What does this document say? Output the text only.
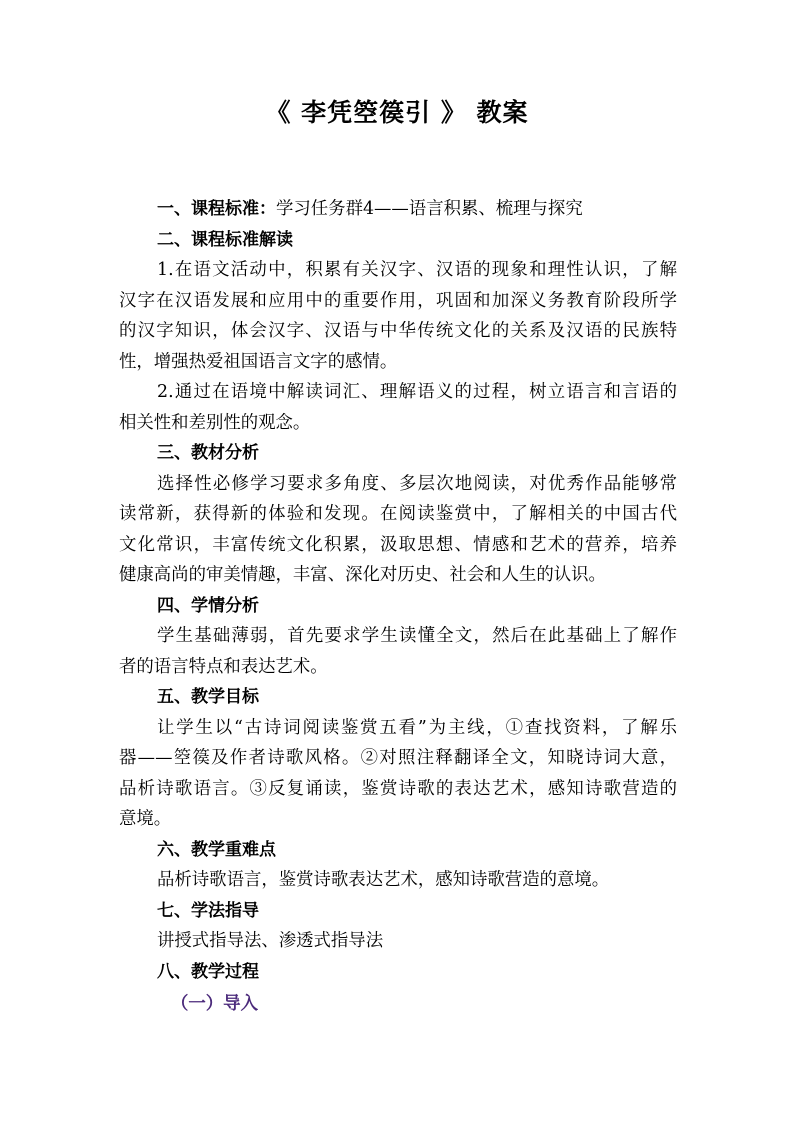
《 李凭箜篌引 》 教案
一、课程标准：学习任务群4——语言积累、梳理与探究
二、课程标准解读
1.在语文活动中，积累有关汉字、汉语的现象和理性认识，了解
汉字在汉语发展和应用中的重要作用，巩固和加深义务教育阶段所学
的汉字知识，体会汉字、汉语与中华传统文化的关系及汉语的民族特
性，增强热爱祖国语言文字的感情。
2.通过在语境中解读词汇、理解语义的过程，树立语言和言语的
相关性和差别性的观念。
三、教材分析
选择性必修学习要求多角度、多层次地阅读，对优秀作品能够常
读常新，获得新的体验和发现。在阅读鉴赏中，了解相关的中国古代
文化常识，丰富传统文化积累，汲取思想、情感和艺术的营养，培养
健康高尚的审美情趣，丰富、深化对历史、社会和人生的认识。
四、学情分析
学生基础薄弱，首先要求学生读懂全文，然后在此基础上了解作
者的语言特点和表达艺术。
五、教学目标
让学生以“古诗词阅读鉴赏五看”为主线，①查找资料，了解乐
器——箜篌及作者诗歌风格。②对照注释翻译全文，知晓诗词大意，
品析诗歌语言。③反复诵读，鉴赏诗歌的表达艺术，感知诗歌营造的
意境。
六、教学重难点
品析诗歌语言，鉴赏诗歌表达艺术，感知诗歌营造的意境。
七、学法指导
讲授式指导法、渗透式指导法
八、教学过程
（一）导入
